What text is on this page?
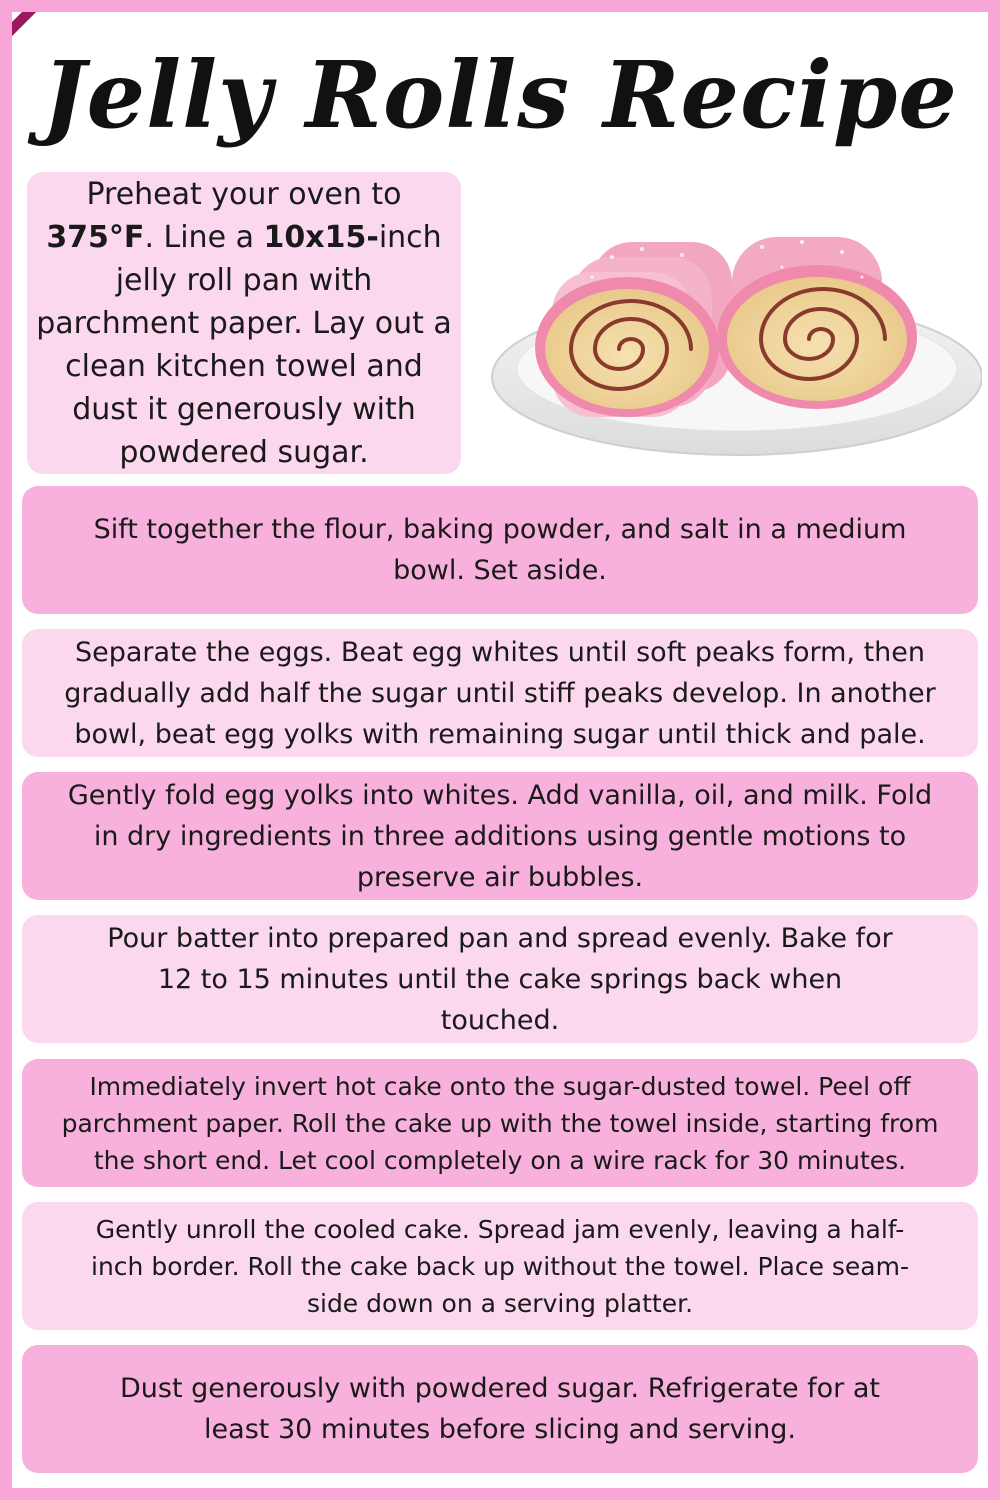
Jelly Rolls Recipe

Preheat your oven to 375°F. Line a 10x15-inch jelly roll pan with parchment paper. Lay out a clean kitchen towel and dust it generously with powdered sugar.

Sift together the flour, baking powder, and salt in a medium bowl. Set aside.

Separate the eggs. Beat egg whites until soft peaks form, then gradually add half the sugar until stiff peaks develop. In another bowl, beat egg yolks with remaining sugar until thick and pale.

Gently fold egg yolks into whites. Add vanilla, oil, and milk. Fold in dry ingredients in three additions using gentle motions to preserve air bubbles.

Pour batter into prepared pan and spread evenly. Bake for 12 to 15 minutes until the cake springs back when touched.

Immediately invert hot cake onto the sugar-dusted towel. Peel off parchment paper. Roll the cake up with the towel inside, starting from the short end. Let cool completely on a wire rack for 30 minutes.

Gently unroll the cooled cake. Spread jam evenly, leaving a half-inch border. Roll the cake back up without the towel. Place seam-side down on a serving platter.

Dust generously with powdered sugar. Refrigerate for at least 30 minutes before slicing and serving.
